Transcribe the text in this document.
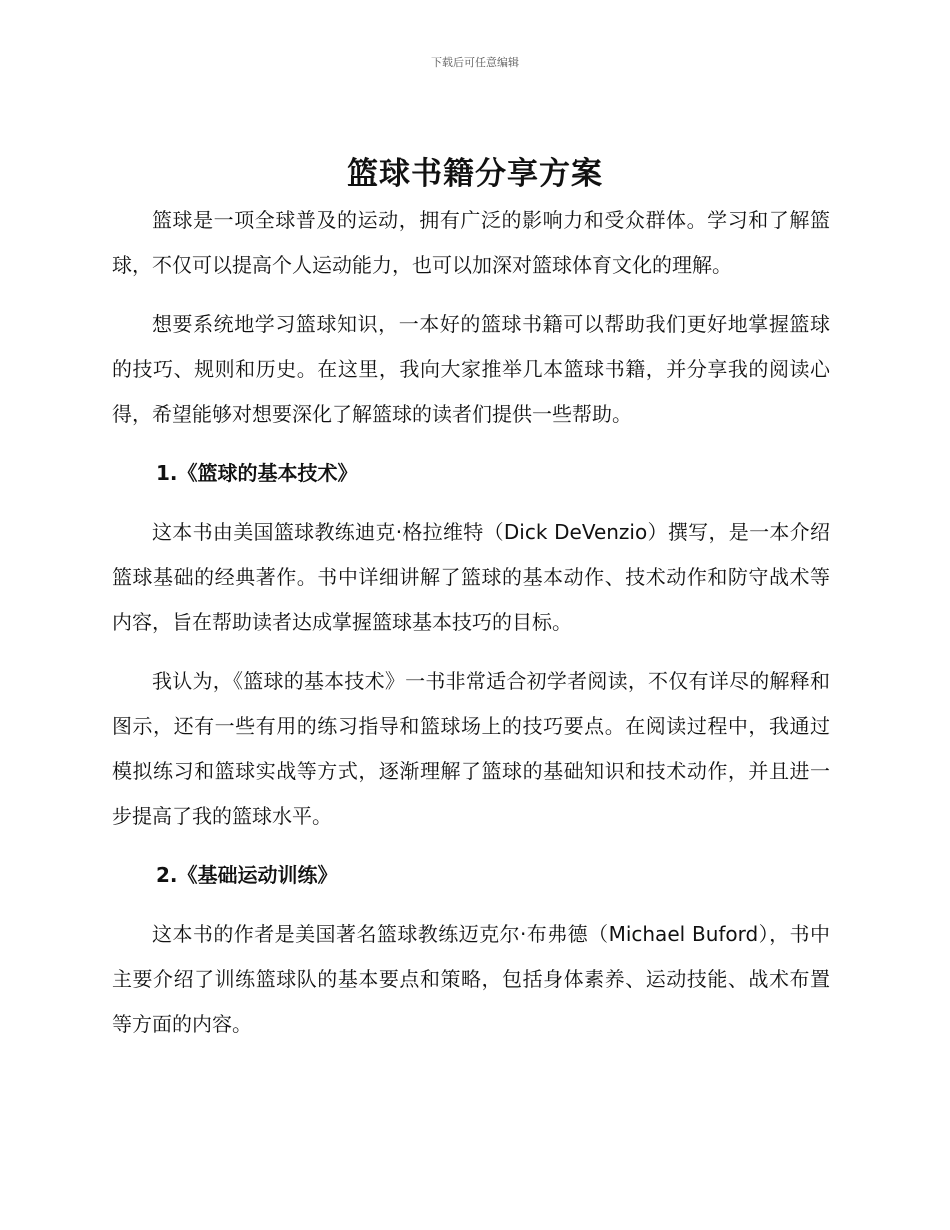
下载后可任意编辑
篮球书籍分享方案

篮球是一项全球普及的运动，拥有广泛的影响力和受众群体。学习和了解篮球，不仅可以提高个人运动能力，也可以加深对篮球体育文化的理解。

想要系统地学习篮球知识，一本好的篮球书籍可以帮助我们更好地掌握篮球的技巧、规则和历史。在这里，我向大家推举几本篮球书籍，并分享我的阅读心得，希望能够对想要深化了解篮球的读者们提供一些帮助。

1.《篮球的基本技术》

这本书由美国篮球教练迪克·格拉维特（Dick DeVenzio）撰写，是一本介绍篮球基础的经典著作。书中详细讲解了篮球的基本动作、技术动作和防守战术等内容，旨在帮助读者达成掌握篮球基本技巧的目标。

我认为，《篮球的基本技术》一书非常适合初学者阅读，不仅有详尽的解释和图示，还有一些有用的练习指导和篮球场上的技巧要点。在阅读过程中，我通过模拟练习和篮球实战等方式，逐渐理解了篮球的基础知识和技术动作，并且进一步提高了我的篮球水平。

2.《基础运动训练》

这本书的作者是美国著名篮球教练迈克尔·布弗德（Michael Buford），书中主要介绍了训练篮球队的基本要点和策略，包括身体素养、运动技能、战术布置等方面的内容。
